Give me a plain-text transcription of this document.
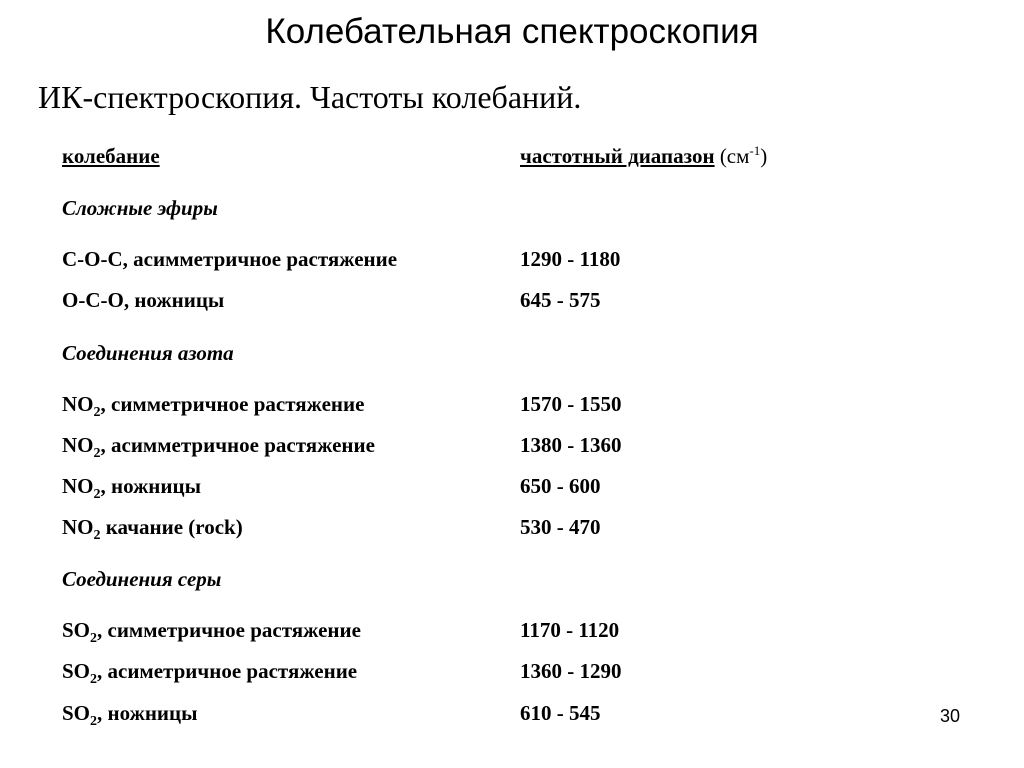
Колебательная спектроскопия
ИК-спектроскопия. Частоты колебаний.
колебание	частотный диапазон $(см^{-1})$
Сложные эфиры
C-O-C, асимметричное растяжение	1290 - 1180
O-C-O, ножницы	645 - 575
Соединения азота
$NO_2$, симметричное растяжение	1570 - 1550
$NO_2$, асимметричное растяжение	1380 - 1360
$NO_2$, ножницы	650 - 600
$NO_2$ качание (rock)	530 - 470
Соединения серы
$SO_2$, симметричное растяжение	1170 - 1120
$SO_2$, асиметричное растяжение	1360 - 1290
$SO_2$, ножницы	610 - 545	30
